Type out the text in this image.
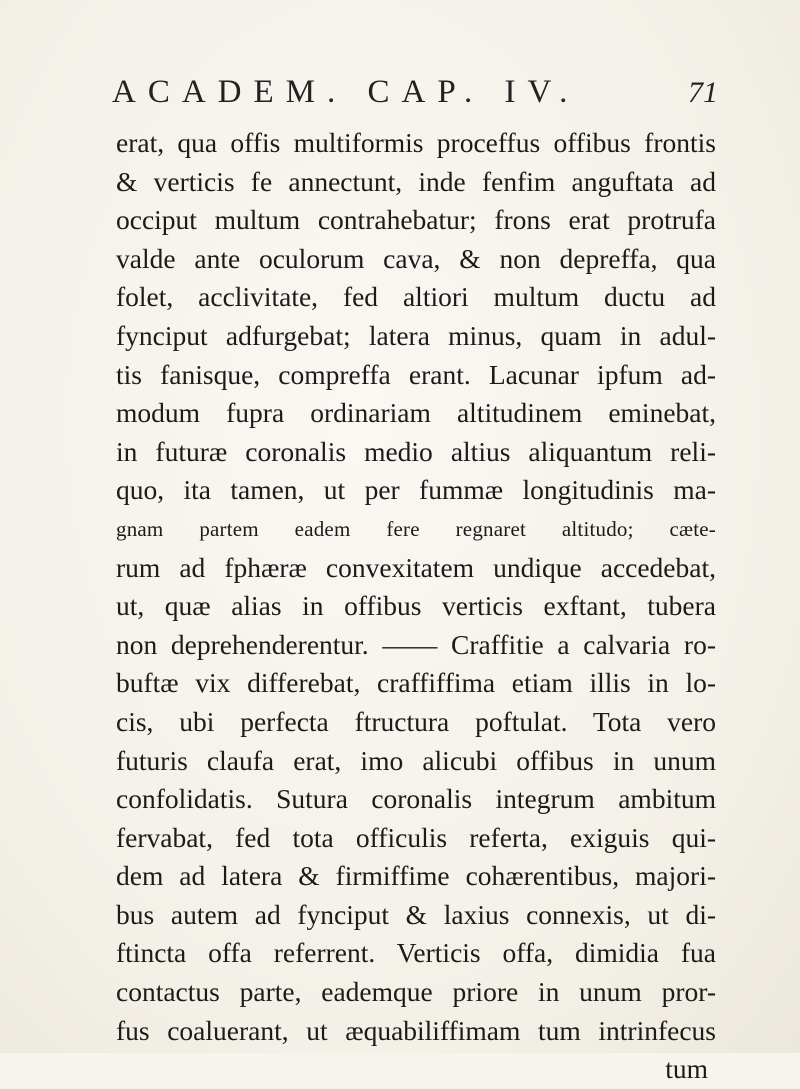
ACADEM. CAP. IV.	71
erat, qua offis multiformis proceffus offibus frontis
& verticis fe annectunt, inde fenfim anguftata ad
occiput multum contrahebatur; frons erat protrufa
valde ante oculorum cava, & non depreffa, qua
folet, acclivitate, fed altiori multum ductu ad
fynciput adfurgebat; latera minus, quam in adul-
tis fanisque, compreffa erant. Lacunar ipfum ad-
modum fupra ordinariam altitudinem eminebat,
in futuræ coronalis medio altius aliquantum reli-
quo, ita tamen, ut per fummæ longitudinis ma-
gnam partem eadem fere regnaret altitudo; cæte-
rum ad fphæræ convexitatem undique accedebat,
ut, quæ alias in offibus verticis exftant, tubera
non deprehenderentur. —— Craffitie a calvaria ro-
buftæ vix differebat, craffiffima etiam illis in lo-
cis, ubi perfecta ftructura poftulat. Tota vero
futuris claufa erat, imo alicubi offibus in unum
confolidatis. Sutura coronalis integrum ambitum
fervabat, fed tota officulis referta, exiguis qui-
dem ad latera & firmiffime cohærentibus, majori-
bus autem ad fynciput & laxius connexis, ut di-
ftincta offa referrent. Verticis offa, dimidia fua
contactus parte, eademque priore in unum pror-
fus coaluerant, ut æquabiliffimam tum intrinfecus
tum
